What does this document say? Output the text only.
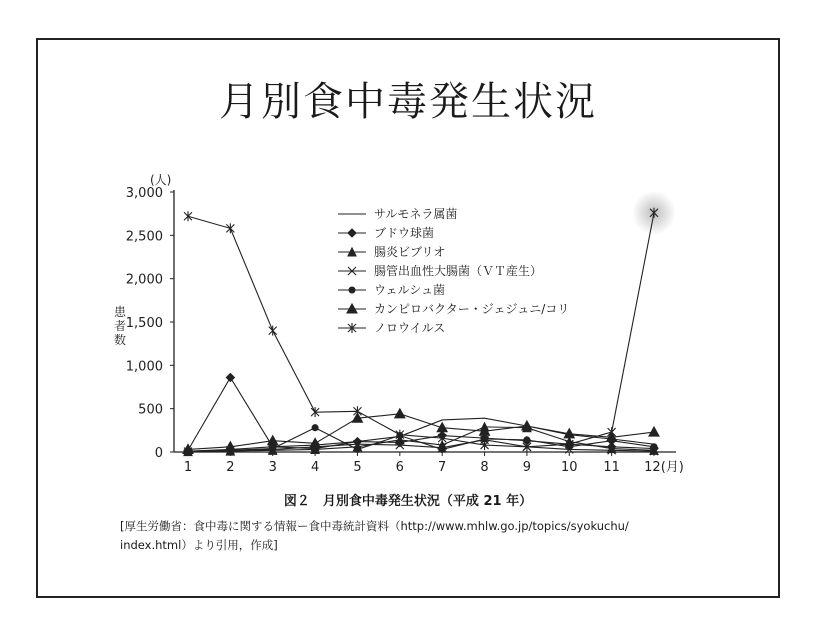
月別食中毒発生状況
0
500
1,000
1,500
2,000
2,500
3,000
1	2	3	4	5	6	7	8	9 10 11 12(月)
(人)
患
者
数
サルモネラ属菌
ブドウ球菌
腸炎ビブリオ
腸管出血性大腸菌（ＶＴ産生）
ウェルシュ菌
カンピロバクター・ジェジュニ/コリ
ノロウイルス
図２　月別食中毒発生状況（平成 21 年）
[厚生労働省：食中毒に関する情報ー食中毒統計資料（http://www.mhlw.go.jp/topics/syokuchu/
index.html）より引用，作成]
